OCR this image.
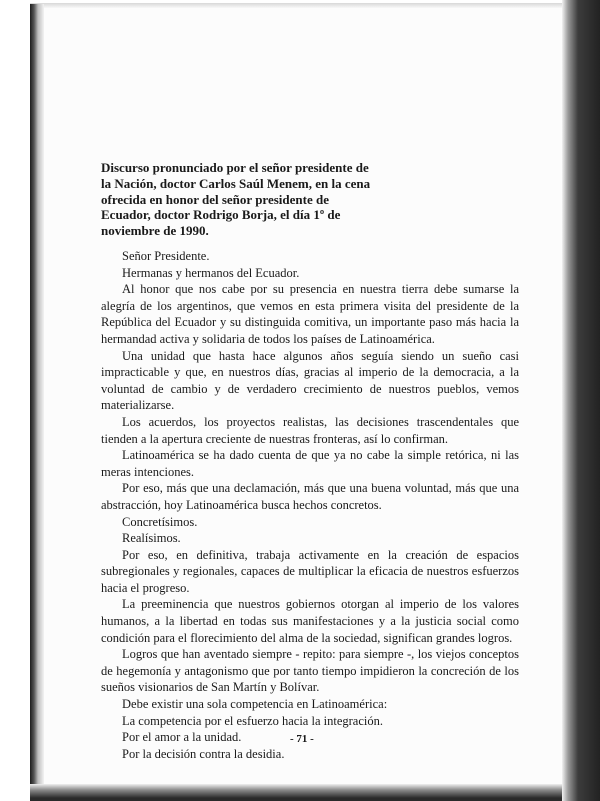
Discurso pronunciado por el señor presidente de la Nación, doctor Carlos Saúl Menem, en la cena ofrecida en honor del señor presidente de Ecuador, doctor Rodrigo Borja, el día 1º de noviembre de 1990.

Señor Presidente.

Hermanas y hermanos del Ecuador.

Al honor que nos cabe por su presencia en nuestra tierra debe sumarse la alegría de los argentinos, que vemos en esta primera visita del presidente de la República del Ecuador y su distinguida comitiva, un importante paso más hacia la hermandad activa y solidaria de todos los países de Latinoamérica.

Una unidad que hasta hace algunos años seguía siendo un sueño casi impracticable y que, en nuestros días, gracias al imperio de la democracia, a la voluntad de cambio y de verdadero crecimiento de nuestros pueblos, vemos materializarse.

Los acuerdos, los proyectos realistas, las decisiones trascendentales que tienden a la apertura creciente de nuestras fronteras, así lo confirman.

Latinoamérica se ha dado cuenta de que ya no cabe la simple retórica, ni las meras intenciones.

Por eso, más que una declamación, más que una buena voluntad, más que una abstracción, hoy Latinoamérica busca hechos concretos.

Concretísimos.

Realísimos.

Por eso, en definitiva, trabaja activamente en la creación de espacios subregionales y regionales, capaces de multiplicar la eficacia de nuestros esfuerzos hacia el progreso.

La preeminencia que nuestros gobiernos otorgan al imperio de los valores humanos, a la libertad en todas sus manifestaciones y a la justicia social como condición para el florecimiento del alma de la sociedad, significan grandes logros.

Logros que han aventado siempre - repito: para siempre -, los viejos conceptos de hegemonía y antagonismo que por tanto tiempo impidieron la concreción de los sueños visionarios de San Martín y Bolívar.

Debe existir una sola competencia en Latinoamérica:

La competencia por el esfuerzo hacia la integración.

Por el amor a la unidad.

Por la decisión contra la desidia.

- 71 -
